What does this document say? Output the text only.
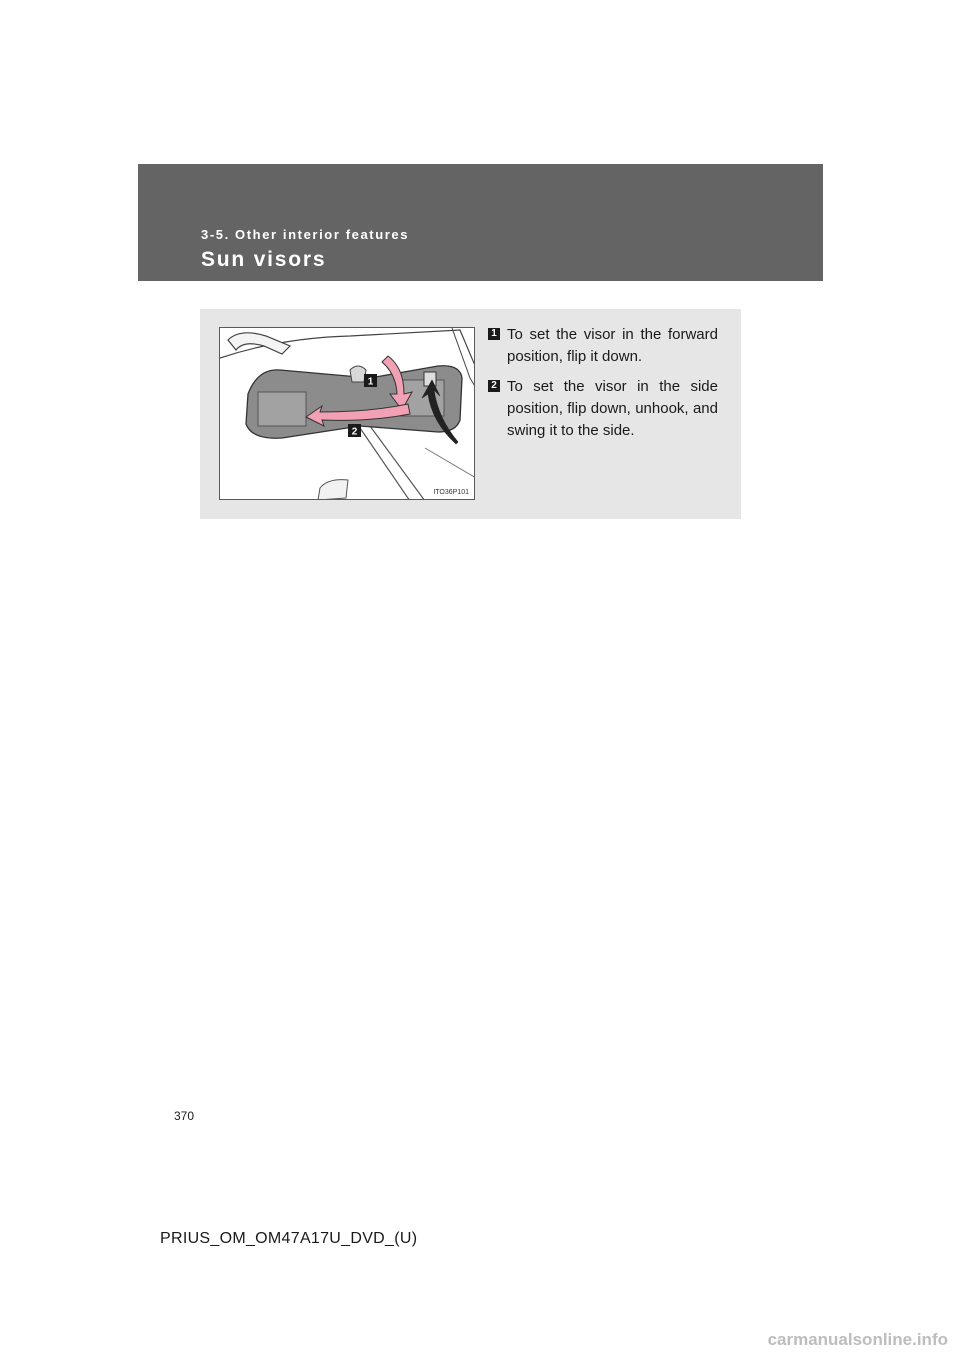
3-5. Other interior features
Sun visors
1
2
ITO36P101
1 To set the visor in the forward position, flip it down.
2 To set the visor in the side position, flip down, unhook, and swing it to the side.
370
PRIUS_OM_OM47A17U_DVD_(U)
carmanualsonline.info
